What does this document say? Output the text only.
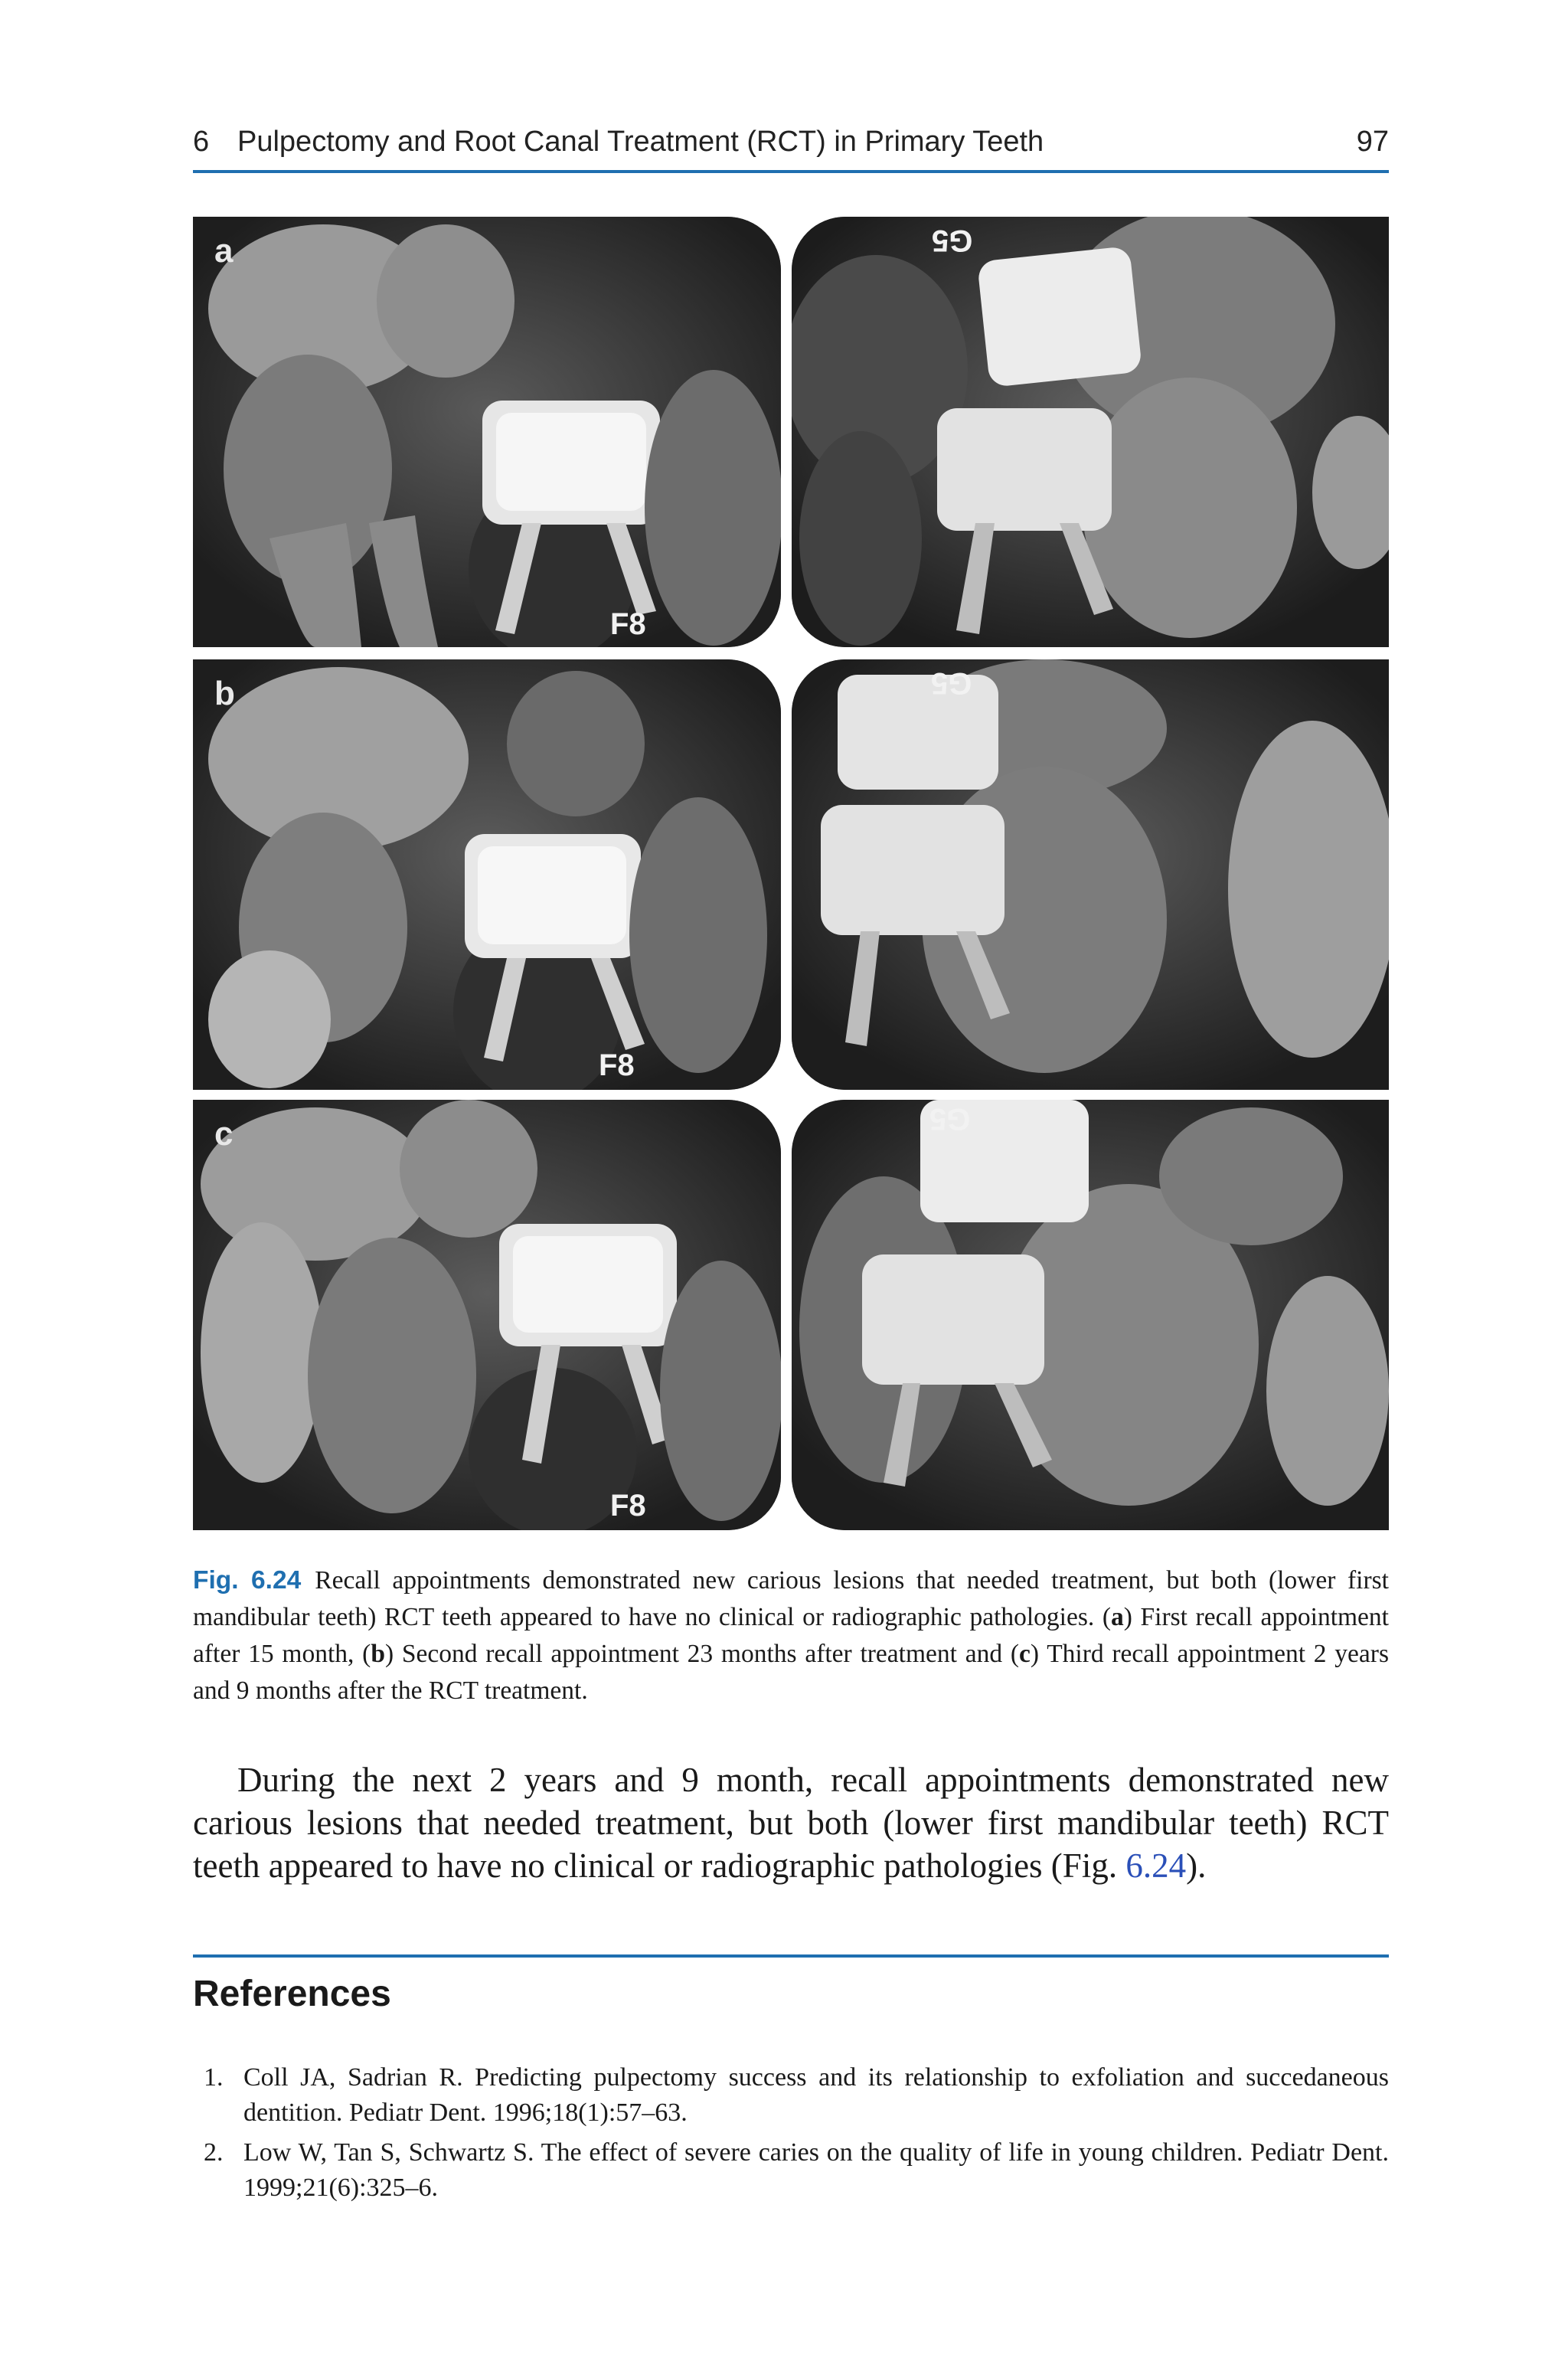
6 Pulpectomy and Root Canal Treatment (RCT) in Primary Teeth	97
a
F8
G5
b
F8
G5
c
F8
G5
Fig. 6.24 Recall appointments demonstrated new carious lesions that needed treatment, but both (lower first mandibular teeth) RCT teeth appeared to have no clinical or radiographic pathologies. (a) First recall appointment after 15 month, (b) Second recall appointment 23 months after treatment and (c) Third recall appointment 2 years and 9 months after the RCT treatment.
During the next 2 years and 9 month, recall appointments demonstrated new carious lesions that needed treatment, but both (lower first mandibular teeth) RCT teeth appeared to have no clinical or radiographic pathologies (Fig. 6.24).
References
1. Coll JA, Sadrian R. Predicting pulpectomy success and its relationship to exfoliation and succedaneous dentition. Pediatr Dent. 1996;18(1):57–63.
2. Low W, Tan S, Schwartz S. The effect of severe caries on the quality of life in young children. Pediatr Dent. 1999;21(6):325–6.
